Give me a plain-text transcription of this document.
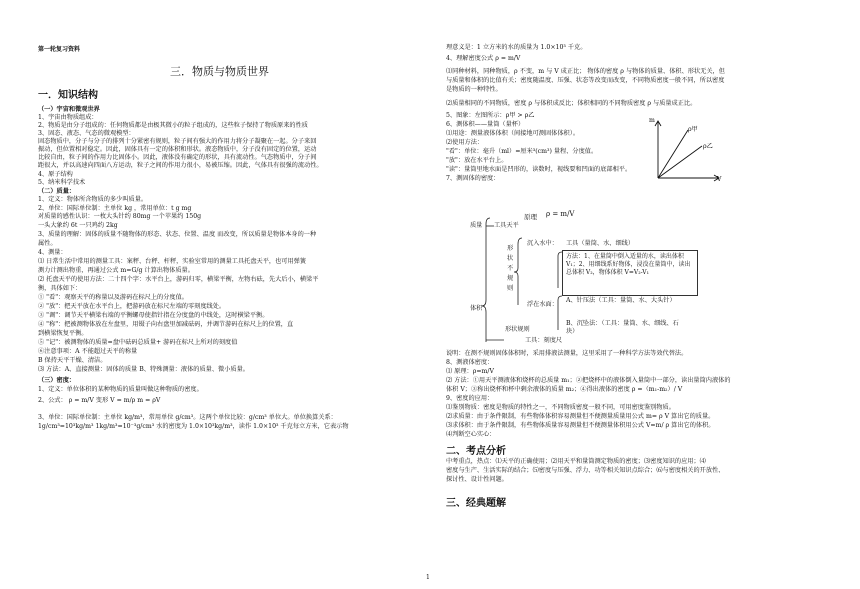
第一轮复习资料
三．物质与物质世界
一．知识结构
（一）宇宙和微观世界
1、宇宙由物质组成：
2、物质是由分子组成的：任何物质都是由极其微小的粒子组成的，这些粒子保持了物质原来的性质
3、固态、液态、气态的微观模型：
固态物质中，分子与分子的排列十分紧密有规则，粒子间有强大的作用力将分子凝聚在一起。分子来回
振动，但位置相对稳定。因此，固体具有一定的体积和形状。液态物质中，分子没有固定的位置，运动
比较自由，粒子间的作用力比固体小。因此，液体没有确定的形状，具有流动性。气态物质中，分子间
距很大，并以高速向四面八方运动，粒子之间的作用力很小，易被压缩。因此，气体具有很强的流动性。
4、原子结构
5、纳米科学技术
（二）质量：
1、定义：物体所含物质的多少叫质量。
2、单位：国际单位制：主单位 kg ，常用单位：t g mg
对质量的感性认识：一枚大头针约 80mg 一个苹果约 150g
一头大象约 6t 一只鸡约 2kg
3、质量的理解：固体的质量不随物体的形态、状态、位置、温度 而改变，所以质量是物体本身的一种
属性。
4、测量：
⑴ 日常生活中常用的测量工具：案秤、台秤、杆秤，实验室常用的测量工具托盘天平，也可用弹簧
测力计测出物重，再通过公式 m=G/g 计算出物体质量。
⑵ 托盘天平的使用方法：二十四个字：水平台上，游码归零，横梁平衡，左物右砝，先大后小，横梁平
衡，具体如下：
① "看"：观察天平的称量以及游码在标尺上的分度值。
② "放"：把天平放在水平台上，把游码放在标尺左端的零刻度线处。
③ "调"：调节天平横梁右端的平衡螺母使指针指在分度盘的中线处，这时横梁平衡。
④ "称"：把被测物体放在左盘里，用镊子向右盘里加减砝码，并调节游码在标尺上的位置，直
到横梁恢复平衡。
⑤ "记"：被测物体的质量=盘中砝码总质量+ 游码在标尺上所对的刻度值
⑥注意事项：A 不能超过天平的称量
B 保持天平干燥、清洁。
⑶ 方法：A、直接测量：固体的质量 B、特殊测量：液体的质量、微小质量。
（三）密度：
1、定义：单位体积的某种物质的质量叫做这种物质的密度。
2、公式： ρ = m/V 变形 V = m/ρ m = ρV
3、单位：国际单位制：主单位 kg/m³，常用单位 g/cm³。这两个单位比较：g/cm³ 单位大。单位换算关系：
1g/cm³=10³kg/m³ 1kg/m³=10⁻³g/cm³ 水的密度为 1.0×10³kg/m³，读作 1.0×10³ 千克每立方米，它表示物
理意义是：1 立方米的水的质量为 1.0×10³ 千克。
4、理解密度公式 ρ = m/V
⑴同种材料，同种物质，ρ 不变，m 与 V 成正比； 物体的密度 ρ 与物体的质量、体积、形状无关，但
与质量和体积的比值有关；密度随温度、压强、状态等改变而改变，不同物质密度一般不同，所以密度
是物质的一种特性。
⑵质量相同的不同物质，密度 ρ 与体积成反比；体积相同的不同物质密度 ρ 与质量成正比。
5、图象：左图所示：ρ甲 > ρ乙
6、测体积——量筒（量杯）
⑴用途：测量液体体积（间接地可测固体体积）。
⑵使用方法：
"看"：单位：毫升（ml）=厘米³(cm³) 量程、分度值。
"放"：放在水平台上。
"读"：量筒里地水面是凹形的，读数时，视线要和凹面的底部相平。
7、测固体的密度：
说明：在测不规则固体体积时，采用排液法测量，这里采用了一种科学方法等效代替法。
8、测液体密度：
⑴ 原理：ρ=m/V
⑵ 方法：①用天平测液体和烧杯的总质量 m₁；②把烧杯中的液体倒入量筒中一部分，读出量筒内液体的
体积 V；③称出烧杯和杯中剩余液体的质量 m₂；④得出液体的密度 ρ =（m₁-m₂）/ V
9、密度的应用：
⑴鉴别物质：密度是物质的特性之一，不同物质密度一般不同，可用密度鉴别物质。
⑵求质量：由于条件限制，有些物体体积容易测量但不便测量质量用公式 m= ρ V 算出它的质量。
⑶求体积：由于条件限制，有些物体质量容易测量但不便测量体积用公式 V=m/ ρ 算出它的体积。
⑷判断空心实心：
二、考点分析
中考重点，热点：⑴天平的正确使用；⑵用天平和量筒测定物质的密度；⑶密度知识的应用；⑷
密度与生产、生活实际的结合；⑸密度与压强、浮力、功等相关知识点综合；⑹与密度相关的开放性、
探讨性、设计性问题。
三、经典题解
原理 ρ = m/V
质量 工具天平
形状不规则
体积
沉入水中： 工具（量筒、水、细线）
方法：1、在量筒中倒入适量的水，读出体积 V₁；2、用细线系好物体，浸没在量筒中，读出总体积 V₂，物体体积 V=V₂-V₁
浮在水面：
A、针压法（工具：量筒、水、大头针）
B、沉坠法：（工具：量筒、水、细线、石块）
形状规则
工具：刻度尺
m
V
ρ甲
ρ乙
1
